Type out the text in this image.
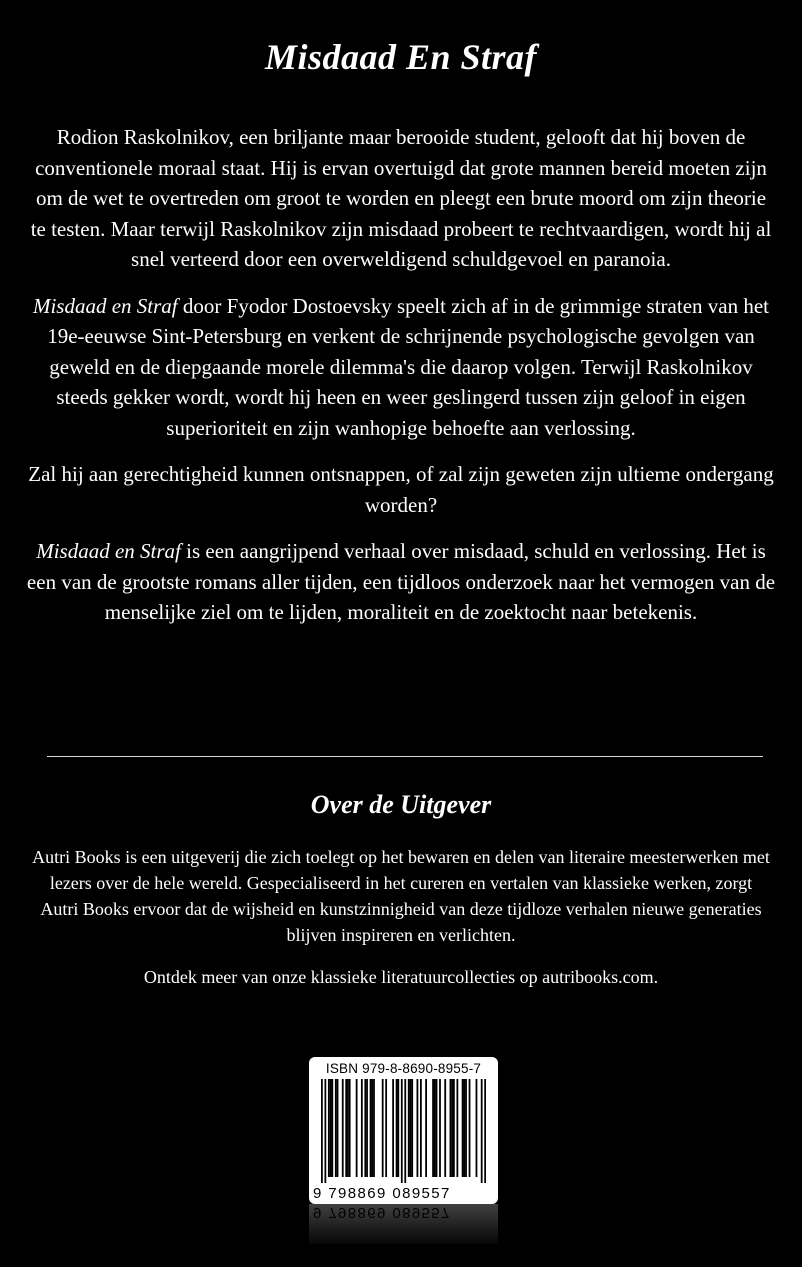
Misdaad En Straf

Rodion Raskolnikov, een briljante maar berooide student, gelooft dat hij boven de conventionele moraal staat. Hij is ervan overtuigd dat grote mannen bereid moeten zijn om de wet te overtreden om groot te worden en pleegt een brute moord om zijn theorie te testen. Maar terwijl Raskolnikov zijn misdaad probeert te rechtvaardigen, wordt hij al snel verteerd door een overweldigend schuldgevoel en paranoia.

Misdaad en Straf door Fyodor Dostoevsky speelt zich af in de grimmige straten van het 19e-eeuwse Sint-Petersburg en verkent de schrijnende psychologische gevolgen van geweld en de diepgaande morele dilemma's die daarop volgen. Terwijl Raskolnikov steeds gekker wordt, wordt hij heen en weer geslingerd tussen zijn geloof in eigen superioriteit en zijn wanhopige behoefte aan verlossing.

Zal hij aan gerechtigheid kunnen ontsnappen, of zal zijn geweten zijn ultieme ondergang worden?

Misdaad en Straf is een aangrijpend verhaal over misdaad, schuld en verlossing. Het is een van de grootste romans aller tijden, een tijdloos onderzoek naar het vermogen van de menselijke ziel om te lijden, moraliteit en de zoektocht naar betekenis.

Over de Uitgever

Autri Books is een uitgeverij die zich toelegt op het bewaren en delen van literaire meesterwerken met lezers over de hele wereld. Gespecialiseerd in het cureren en vertalen van klassieke werken, zorgt Autri Books ervoor dat de wijsheid en kunstzinnigheid van deze tijdloze verhalen nieuwe generaties blijven inspireren en verlichten.

Ontdek meer van onze klassieke literatuurcollecties op autribooks.com.

ISBN 979-8-8690-8955-7
9 798869 089557
9 798869 089557
